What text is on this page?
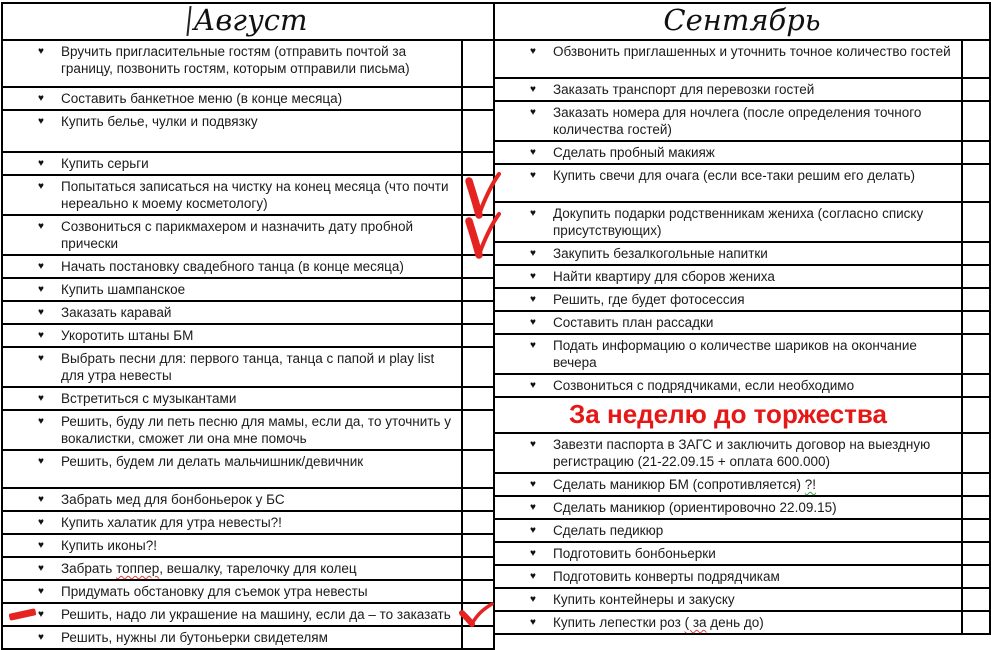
Август	

♥ Вручить пригласительные гостям (отправить почтой за границу, позвонить гостям, которым отправили письма)	

♥ Составить банкетное меню (в конце месяца)	

♥ Купить белье, чулки и подвязку	

♥ Купить серьги	

♥ Попытаться записаться на чистку на конец месяца (что почти нереально к моему косметологу)

♥ Созвониться с парикмахером и назначить дату пробной прически

♥ Начать постановку свадебного танца (в конце месяца)	

♥ Купить шампанское	

♥ Заказать каравай	

♥ Укоротить штаны БМ	

♥ Выбрать песни для: первого танца, танца с папой и play list для утра невесты	

♥ Встретиться с музыкантами	

♥ Решить, буду ли петь песню для мамы, если да, то уточнить у вокалистки, сможет ли она мне помочь	

♥ Решить, будем ли делать мальчишник/девичник	

♥ Забрать мед для бонбоньерок у БС	

♥ Купить халатик для утра невесты?!	

♥ Купить иконы?!	

♥ Забрать топпер, вешалку, тарелочку для колец	

♥ Придумать обстановку для съемок утра невесты	

♥ Решить, надо ли украшение на машину, если да – то заказать

♥ Решить, нужны ли бутоньерки свидетелям	

Сентябрь	

♥ Обзвонить приглашенных и уточнить точное количество гостей	

♥ Заказать транспорт для перевозки гостей	

♥ Заказать номера для ночлега (после определения точного количества гостей)	

♥ Сделать пробный макияж	

♥ Купить свечи для очага (если все-таки решим его делать)	

♥ Докупить подарки родственникам жениха (согласно списку присутствующих)	

♥ Закупить безалкогольные напитки	

♥ Найти квартиру для сборов жениха	

♥ Решить, где будет фотосессия	

♥ Составить план рассадки	

♥ Подать информацию о количестве шариков на окончание вечера	

♥ Созвониться с подрядчиками, если необходимо	

За неделю до торжества	

♥ Завезти паспорта в ЗАГС и заключить договор на выездную регистрацию (21-22.09.15 + оплата 600.000)	

♥ Сделать маникюр БМ (сопротивляется) ?!	

♥ Сделать маникюр (ориентировочно 22.09.15)	

♥ Сделать педикюр	

♥ Подготовить бонбоньерки	

♥ Подготовить конверты подрядчикам	

♥ Купить контейнеры и закуску	

♥ Купить лепестки роз ( за день до)	
